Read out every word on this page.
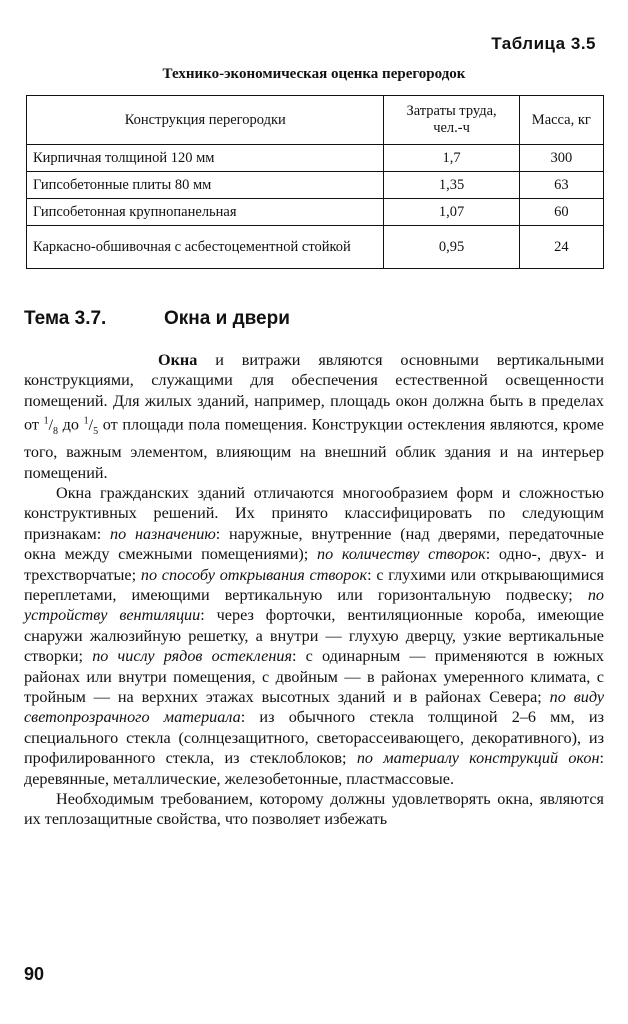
Таблица 3.5
Технико-экономическая оценка перегородок
Конструкция перегородки	Затраты труда, чел.-ч	Масса, кг
Кирпичная толщиной 120 мм	1,7	300
Гипсобетонные плиты 80 мм	1,35	63
Гипсобетонная крупнопанельная	1,07	60
Каркасно-обшивочная с асбестоцементной стойкой	0,95	24
Тема 3.7.	Окна и двери

Окна и витражи являются основными вертикальными конструкциями, служащими для обеспечения естественной освещенности помещений. Для жилых зданий, например, площадь окон должна быть в пределах от $^1/_8$ до $^1/_5$ от площади пола помещения. Конструкции остекления являются, кроме того, важным элементом, влияющим на внешний облик здания и на интерьер помещений.

Окна гражданских зданий отличаются многообразием форм и сложностью конструктивных решений. Их принято классифицировать по следующим признакам: по назначению: наружные, внутренние (над дверями, передаточные окна между смежными помещениями); по количеству створок: одно-, двух- и трехстворчатые; по способу открывания створок: с глухими или открывающимися переплетами, имеющими вертикальную или горизонтальную подвеску; по устройству вентиляции: через форточки, вентиляционные короба, имеющие снаружи жалюзийную решетку, а внутри — глухую дверцу, узкие вертикальные створки; по числу рядов остекления: с одинарным — применяются в южных районах или внутри помещения, с двойным — в районах умеренного климата, с тройным — на верхних этажах высотных зданий и в районах Севера; по виду светопрозрачного материала: из обычного стекла толщиной 2–6 мм, из специального стекла (солнцезащитного, светорассеивающего, декоративного), из профилированного стекла, из стеклоблоков; по материалу конструкций окон: деревянные, металлические, железобетонные, пластмассовые.

Необходимым требованием, которому должны удовлетворять окна, являются их теплозащитные свойства, что позволяет избежать

90
